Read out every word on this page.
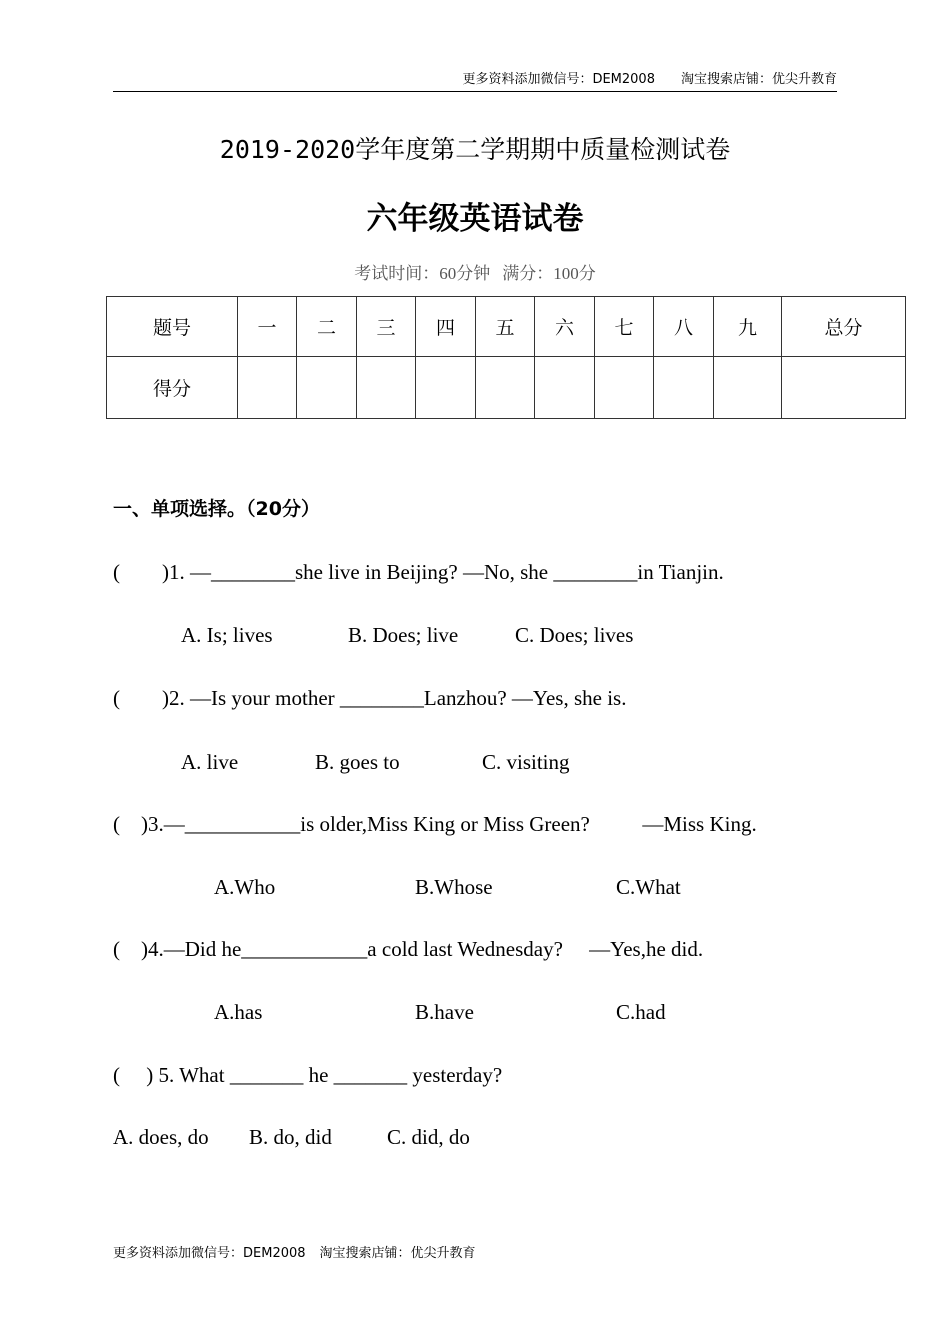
更多资料添加微信号：DEM2008 淘宝搜索店铺：优尖升教育
2019-2020学年度第二学期期中质量检测试卷
六年级英语试卷
考试时间：60分钟 满分：100分
题号	一	二	三	四	五	六	七	八	九	总分
得分										
一、单项选择。（20分）
(        )1. —________she live in Beijing? —No, she ________in Tianjin.
A. Is; lives	B. Does; live	C. Does; lives
(        )2. —Is your mother ________Lanzhou? —Yes, she is.
A. live	B. goes to	C. visiting
(    )3.—___________is older,Miss King or Miss Green?          —Miss King.
A.Who	B.Whose	C.What
(    )4.—Did he____________a cold last Wednesday?     —Yes,he did.
A.has	B.have	C.had
(     ) 5. What _______ he _______ yesterday?
A. does, do B. do, did	C. did, do
更多资料添加微信号：DEM2008 淘宝搜索店铺：优尖升教育
